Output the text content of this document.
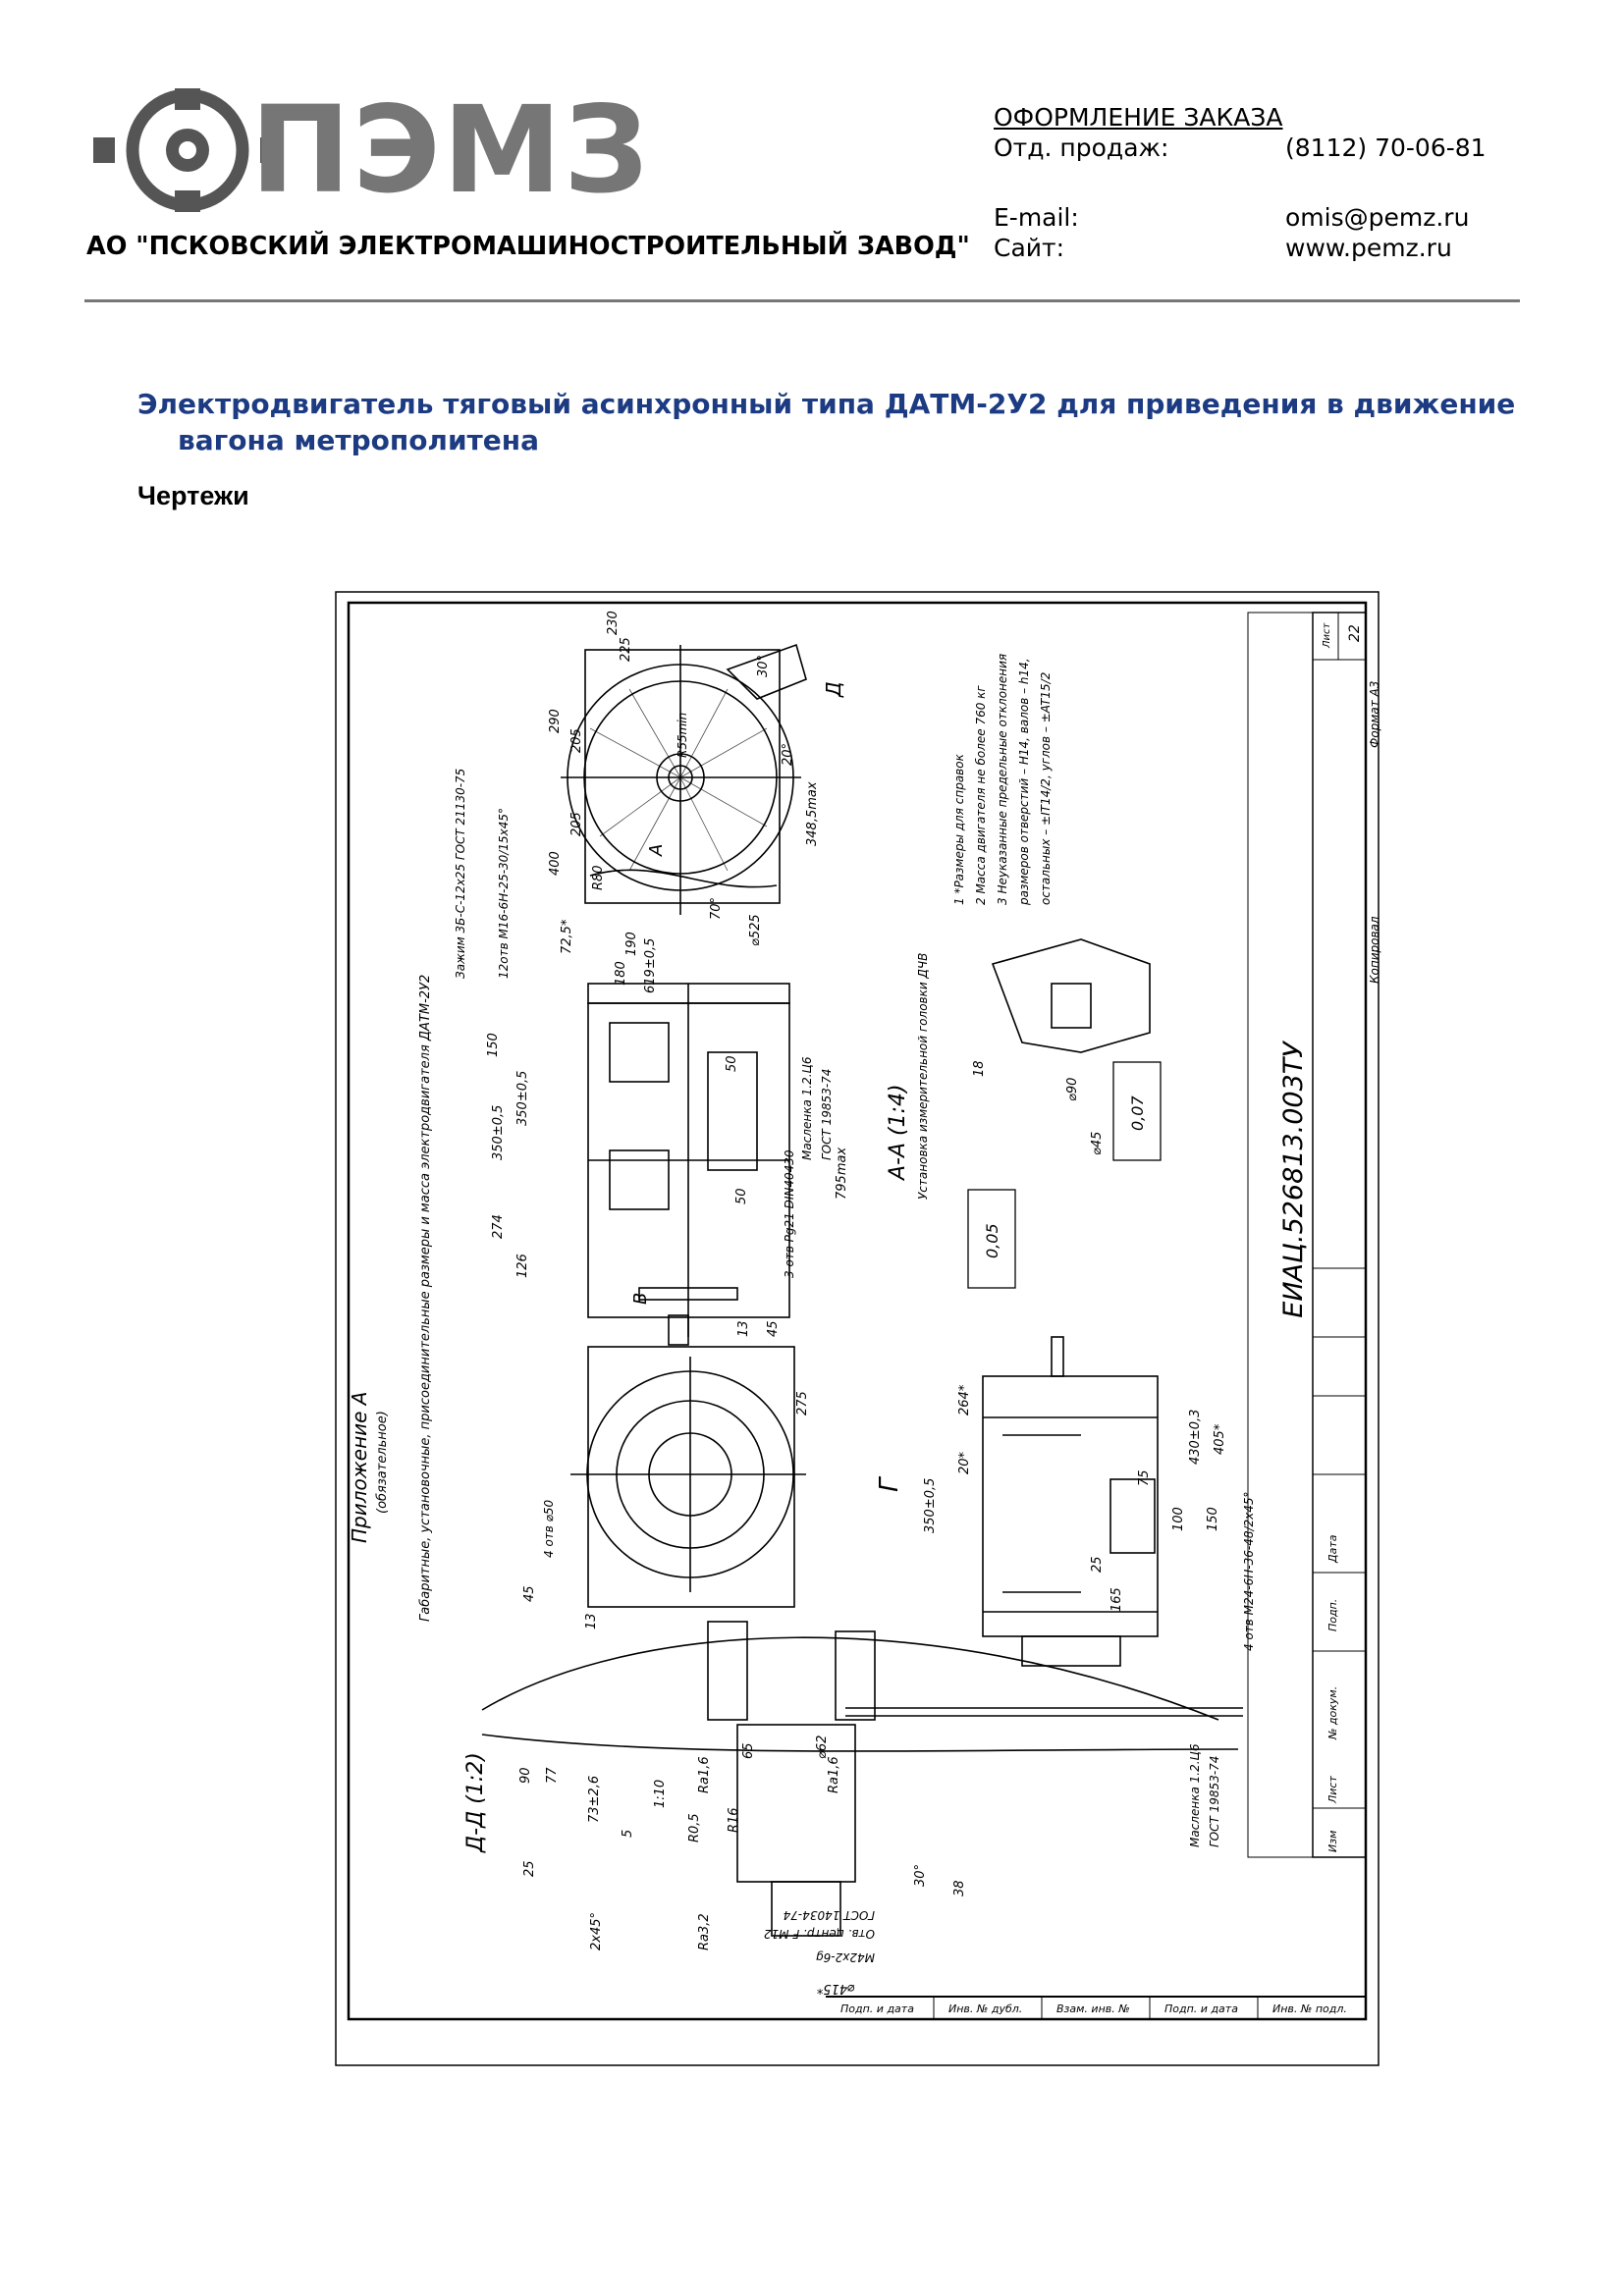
ПЭМЗ
АО "ПСКОВСКИЙ ЭЛЕКТРОМАШИНОСТРОИТЕЛЬНЫЙ ЗАВОД"
ОФОРМЛЕНИЕ ЗАКАЗА
Отд. продаж:	(8112) 70-06-81
E-mail:	omis@pemz.ru
Сайт:	www.pemz.ru
Электродвигатель тяговый асинхронный типа ДАТМ-2У2 для приведения в движение
вагона метрополитена
Чертежи
ЕИАЦ.526813.003ТУ
Лист 22
Формат А3
Копировал
Изм
Лист
№ докум.
Подп.
Дата
Инв. № подл.
Подп. и дата
Взам. инв. №
Инв. № дубл.
Подп. и дата
Приложение А (обязательное) Габаритные, установочные, присоединительные размеры и масса электродвигателя ДАТМ-2У2	А-А (1:4) Установка измерительной головки ДЧВ
Д-Д (1:2)
Г
А
В
Д
1 *Размеры для справок 2 Масса двигателя не более 760 кг 3 Неуказанные предельные отклонения размеров отверстий – Н14, валов – h14, остальных – ±IT14/2, углов – ±AT15/2
Зажим 3Б-С-12х25 ГОСТ 21130-75	12отв М16-6Н-25-30/15х45°
Масленка 1.2.Ц6 ГОСТ 19853-74
Масленка 1.2.Ц6 ГОСТ 19853-74
3 отв Pg21 DIN40430
4 отв ⌀50	4 отв М24-6Н-36-48/2х45°
М42х2-6g
Отв. центр. F M12
ГОСТ 14034-74
0,05
0,07
230
225
290
205
205
400
R80
72,5*	190
180 619±0,5
150
350±0,5
350±0,5
274
126
795max
50
50
30°
20°
70°
⌀525
348,5max
R55min
18
⌀90
⌀45
264*
20*
350±0,5
430±0,3 405*
75
100 150
25
165
13 45
275
13
45
90 77
73±2,6
5
25
2х45°
65
Ra1,6	Ra1,6
R16
R0,5
1:10
Ra3,2
⌀62
30°
38
⌀415*
